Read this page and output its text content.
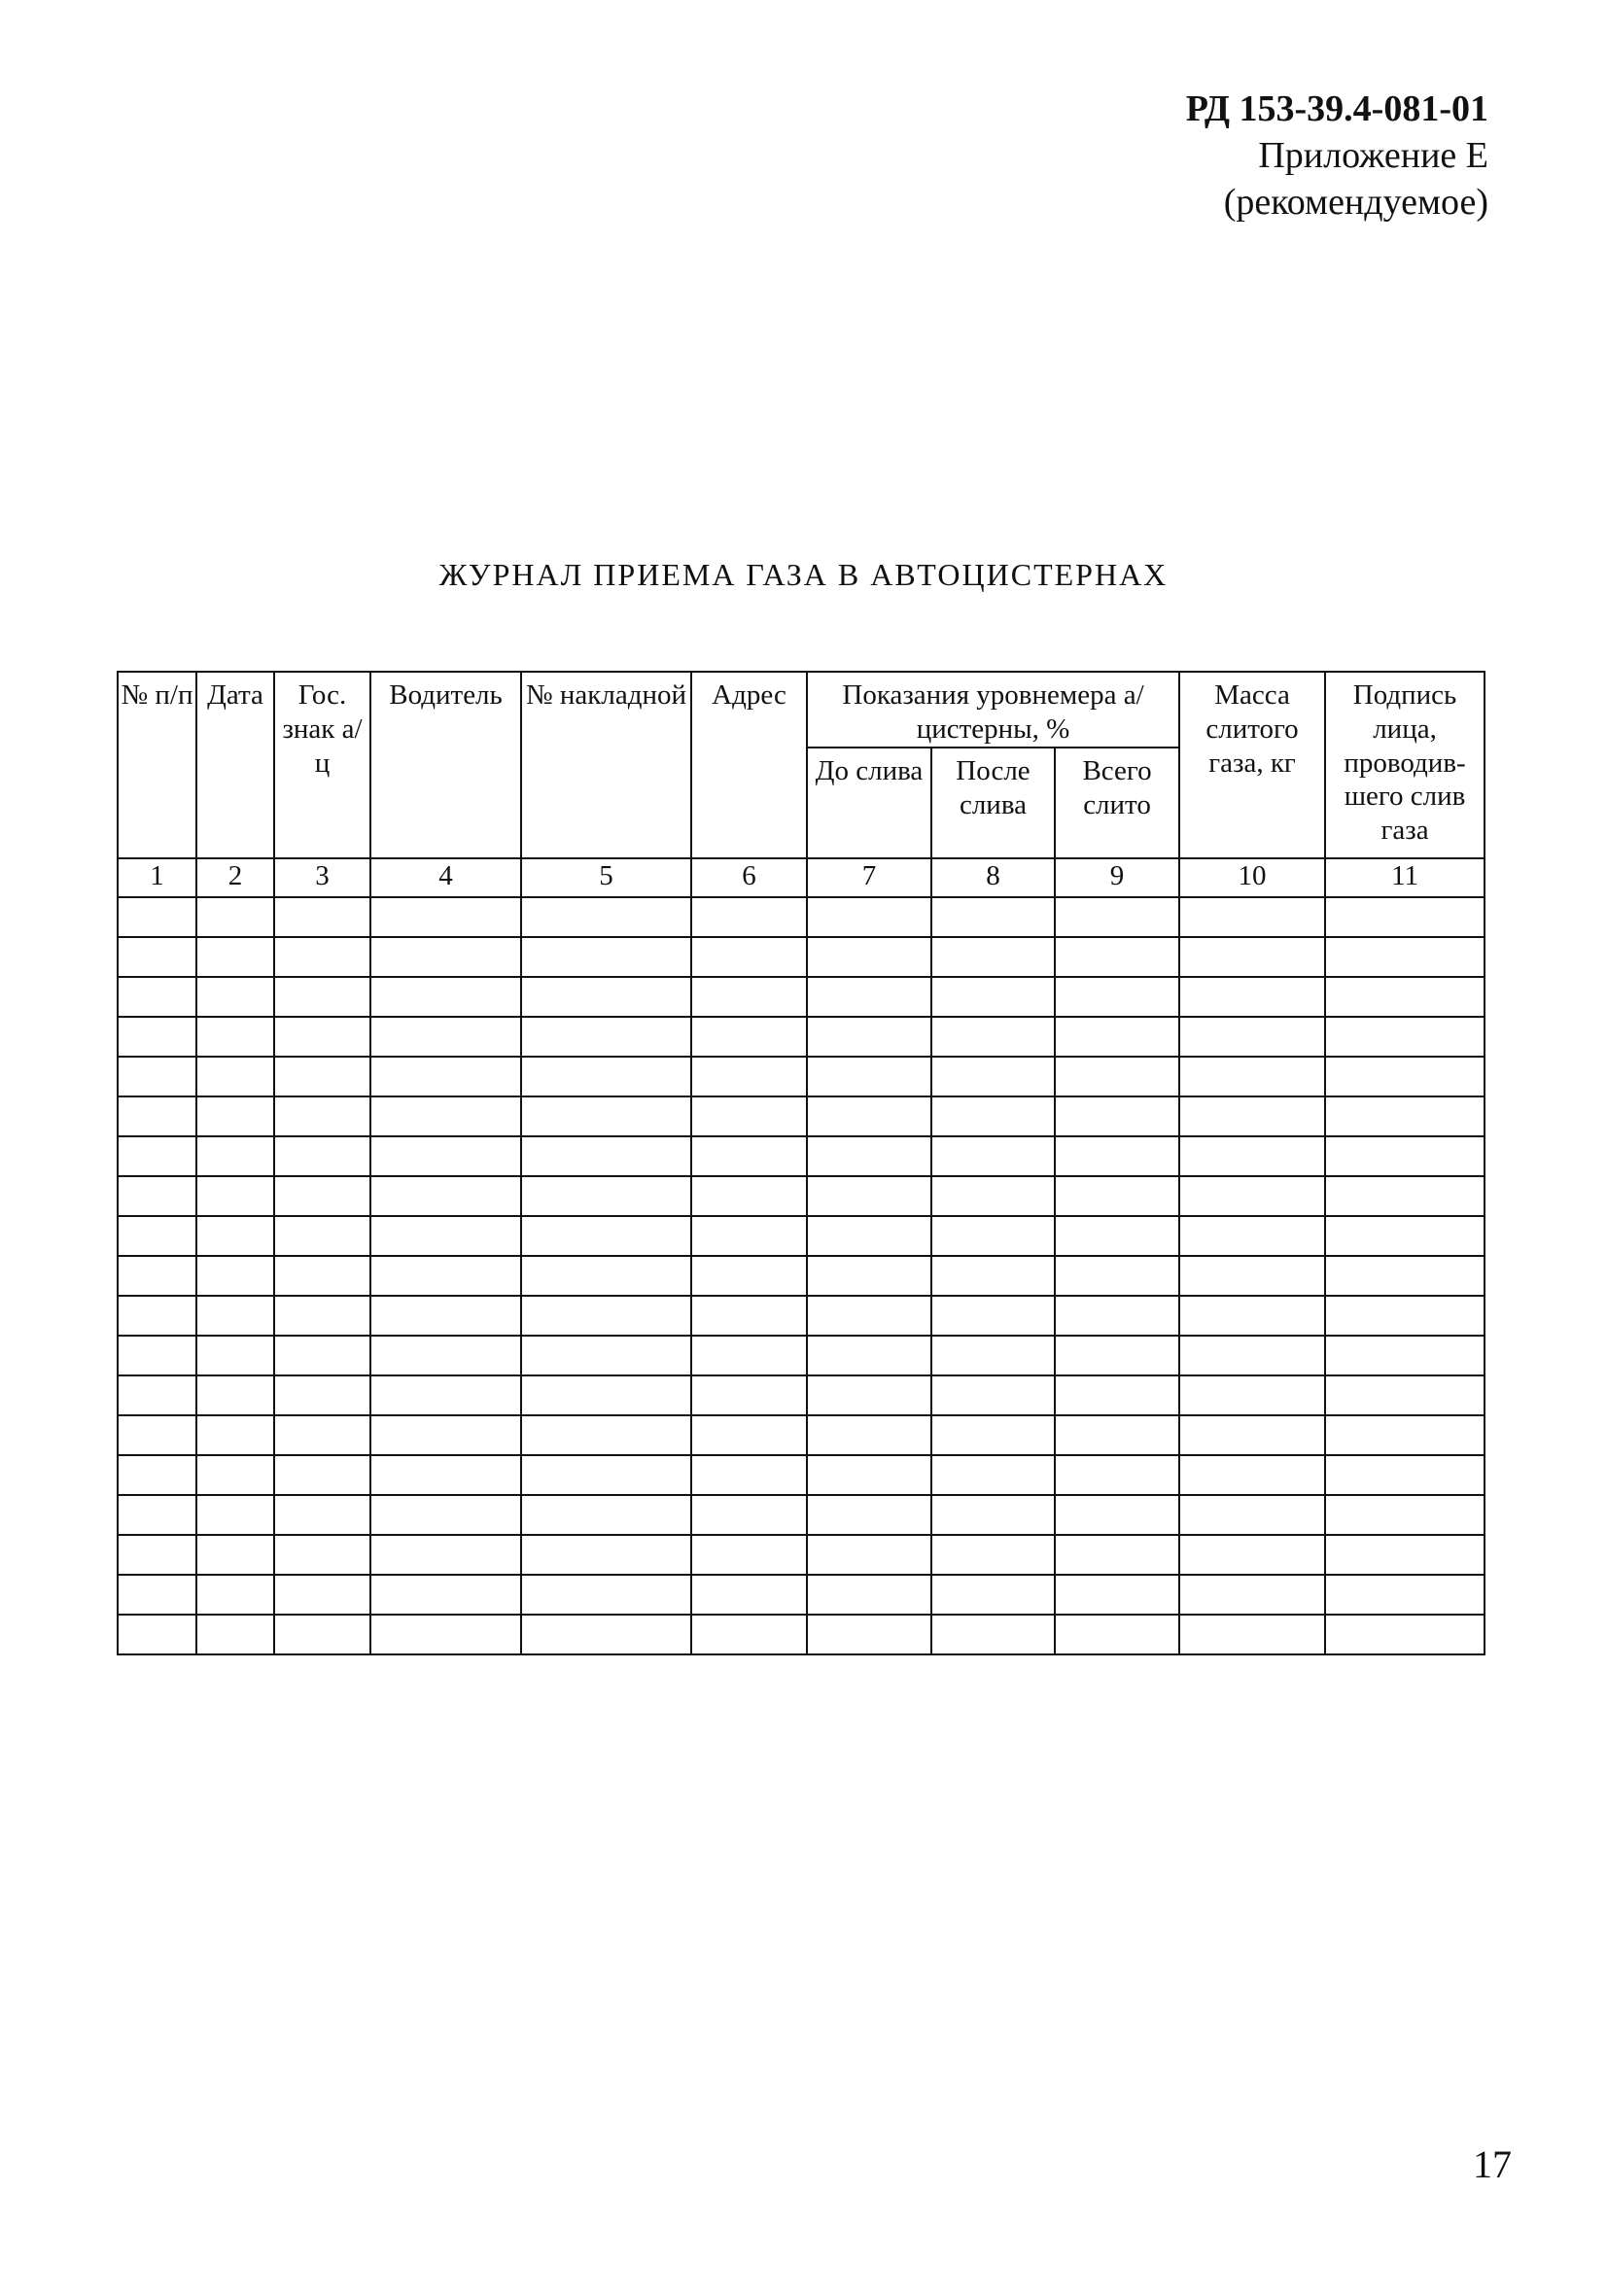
РД 153-39.4-081-01
Приложение Е
(рекомендуемое)
ЖУРНАЛ ПРИЕМА ГАЗА В АВТОЦИСТЕРНАХ
№ п/п	Дата	Гос. знак а/ц	Водитель	№ накладной	Адрес	Показания уровнемера а/цистерны, %			Масса слитого газа, кг	Подпись лица, проводив-шего слив газа

						До слива	После слива	Всего слито		

1	2	3	4	5	6	7	8	9	10	11

17
